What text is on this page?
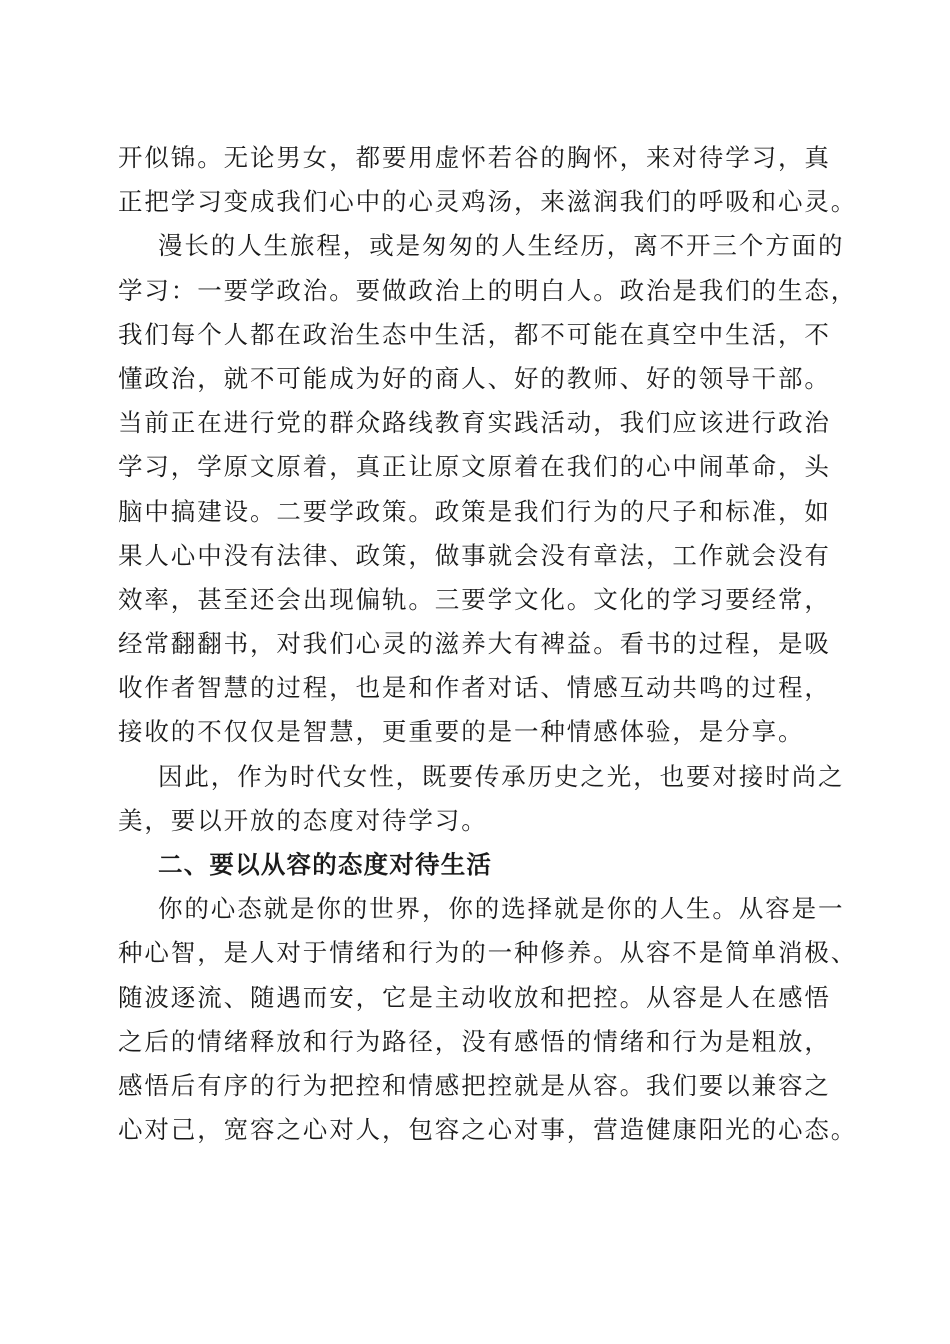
开似锦。无论男女，都要用虚怀若谷的胸怀，来对待学习，真
正把学习变成我们心中的心灵鸡汤，来滋润我们的呼吸和心灵。
漫长的人生旅程，或是匆匆的人生经历，离不开三个方面的
学习：一要学政治。要做政治上的明白人。政治是我们的生态，
我们每个人都在政治生态中生活，都不可能在真空中生活，不
懂政治，就不可能成为好的商人、好的教师、好的领导干部。
当前正在进行党的群众路线教育实践活动，我们应该进行政治
学习，学原文原着，真正让原文原着在我们的心中闹革命，头
脑中搞建设。二要学政策。政策是我们行为的尺子和标准，如
果人心中没有法律、政策，做事就会没有章法，工作就会没有
效率，甚至还会出现偏轨。三要学文化。文化的学习要经常，
经常翻翻书，对我们心灵的滋养大有裨益。看书的过程，是吸
收作者智慧的过程，也是和作者对话、情感互动共鸣的过程，
接收的不仅仅是智慧，更重要的是一种情感体验，是分享。
因此，作为时代女性，既要传承历史之光，也要对接时尚之
美，要以开放的态度对待学习。
二、要以从容的态度对待生活
你的心态就是你的世界，你的选择就是你的人生。从容是一
种心智，是人对于情绪和行为的一种修养。从容不是简单消极、
随波逐流、随遇而安，它是主动收放和把控。从容是人在感悟
之后的情绪释放和行为路径，没有感悟的情绪和行为是粗放，
感悟后有序的行为把控和情感把控就是从容。我们要以兼容之
心对己，宽容之心对人，包容之心对事，营造健康阳光的心态。
